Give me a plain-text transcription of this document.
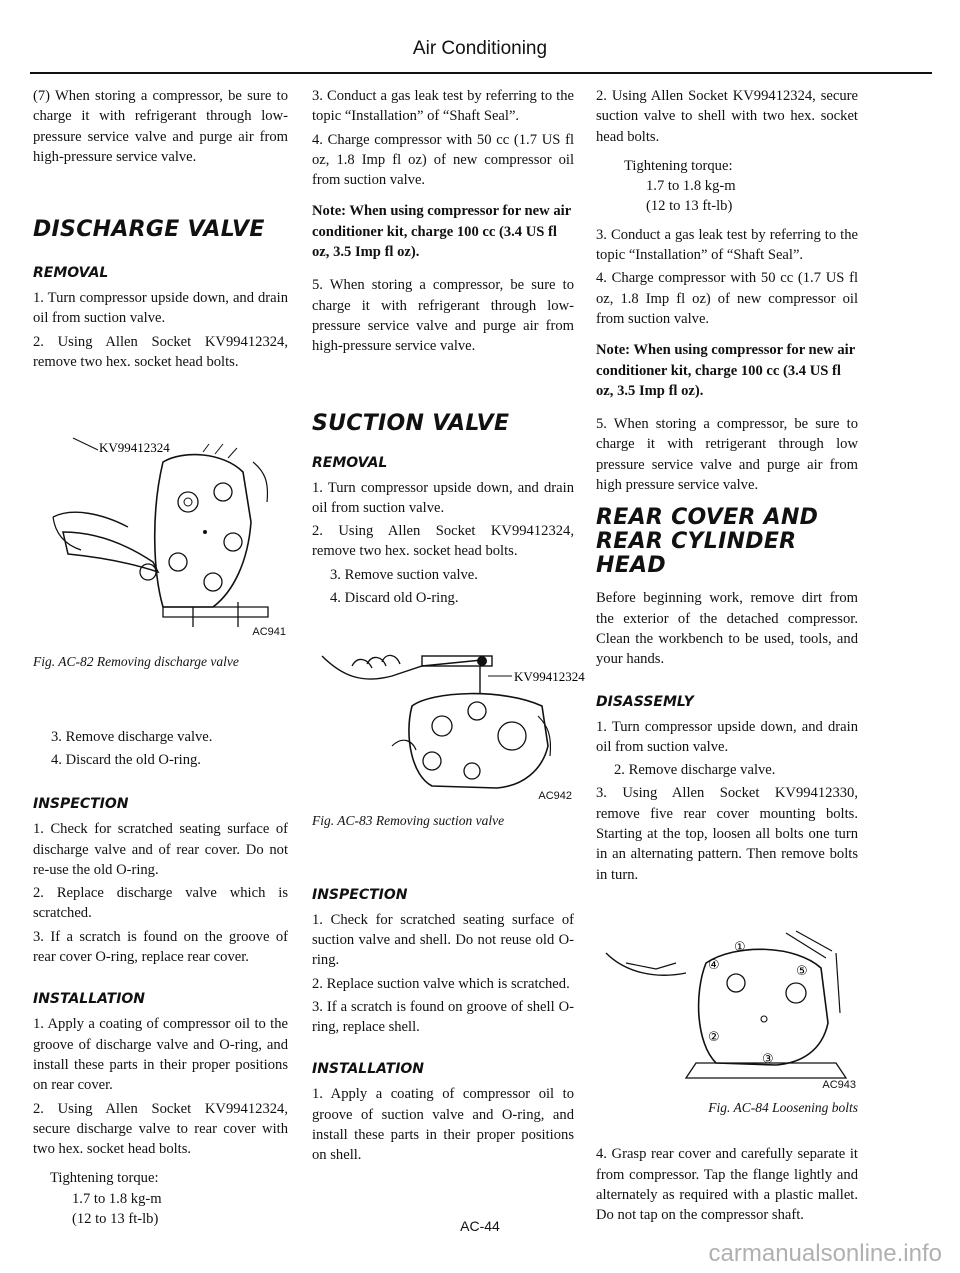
Air Conditioning

(7) When storing a compressor, be sure to charge it with refrigerant through low-pressure service valve and purge air from high-pressure service valve.

DISCHARGE VALVE
REMOVAL

1. Turn compressor upside down, and drain oil from suction valve.

2. Using Allen Socket KV99412324, remove two hex. socket head bolts.

KV99412324
AC941
Fig. AC-82 Removing discharge valve

3. Remove discharge valve.

4. Discard the old O-ring.

INSPECTION

1. Check for scratched seating surface of discharge valve and of rear cover. Do not re-use the old O-ring.

2. Replace discharge valve which is scratched.

3. If a scratch is found on the groove of rear cover O-ring, replace rear cover.

INSTALLATION

1. Apply a coating of compressor oil to the groove of discharge valve and O-ring, and install these parts in their proper positions on rear cover.

2. Using Allen Socket KV99412324, secure discharge valve to rear cover with two hex. socket head bolts.

Tightening torque:
1.7 to 1.8 kg-m
(12 to 13 ft-lb)

3. Conduct a gas leak test by referring to the topic “Installation” of “Shaft Seal”.

4. Charge compressor with 50 cc (1.7 US fl oz, 1.8 Imp fl oz) of new compressor oil from suction valve.

Note: When using compressor for new air conditioner kit, charge 100 cc (3.4 US fl oz, 3.5 Imp fl oz).

5. When storing a compressor, be sure to charge it with refrigerant through low-pressure service valve and purge air from high-pressure service valve.

SUCTION VALVE
REMOVAL

1. Turn compressor upside down, and drain oil from suction valve.

2. Using Allen Socket KV99412324, remove two hex. socket head bolts.

3. Remove suction valve.

4. Discard old O-ring.

KV99412324
AC942
Fig. AC-83 Removing suction valve
INSPECTION

1. Check for scratched seating surface of suction valve and shell. Do not reuse old O-ring.

2. Replace suction valve which is scratched.

3. If a scratch is found on groove of shell O-ring, replace shell.

INSTALLATION

1. Apply a coating of compressor oil to groove of suction valve and O-ring, and install these parts in their proper positions on shell.

2. Using Allen Socket KV99412324, secure suction valve to shell with two hex. socket head bolts.

Tightening torque:
1.7 to 1.8 kg-m
(12 to 13 ft-lb)

3. Conduct a gas leak test by referring to the topic “Installation” of “Shaft Seal”.

4. Charge compressor with 50 cc (1.7 US fl oz, 1.8 Imp fl oz) of new compressor oil from suction valve.

Note: When using compressor for new air conditioner kit, charge 100 cc (3.4 US fl oz, 3.5 Imp fl oz).

5. When storing a compressor, be sure to charge it with retrigerant through low pressure service valve and purge air from high pressure service valve.

REAR COVER AND
REAR CYLINDER
HEAD

Before beginning work, remove dirt from the exterior of the detached compressor. Clean the workbench to be used, tools, and your hands.

DISASSEMLY

1. Turn compressor upside down, and drain oil from suction valve.

2. Remove discharge valve.

3. Using Allen Socket KV99412330, remove five rear cover mounting bolts. Starting at the top, loosen all bolts one turn in an alternating pattern. Then remove bolts in turn.

①
②
③
④	⑤
AC943
Fig. AC-84 Loosening bolts

4. Grasp rear cover and carefully separate it from compressor. Tap the flange lightly and alternately as required with a plastic mallet. Do not tap on the compressor shaft.

AC-44
carmanualsonline.info
